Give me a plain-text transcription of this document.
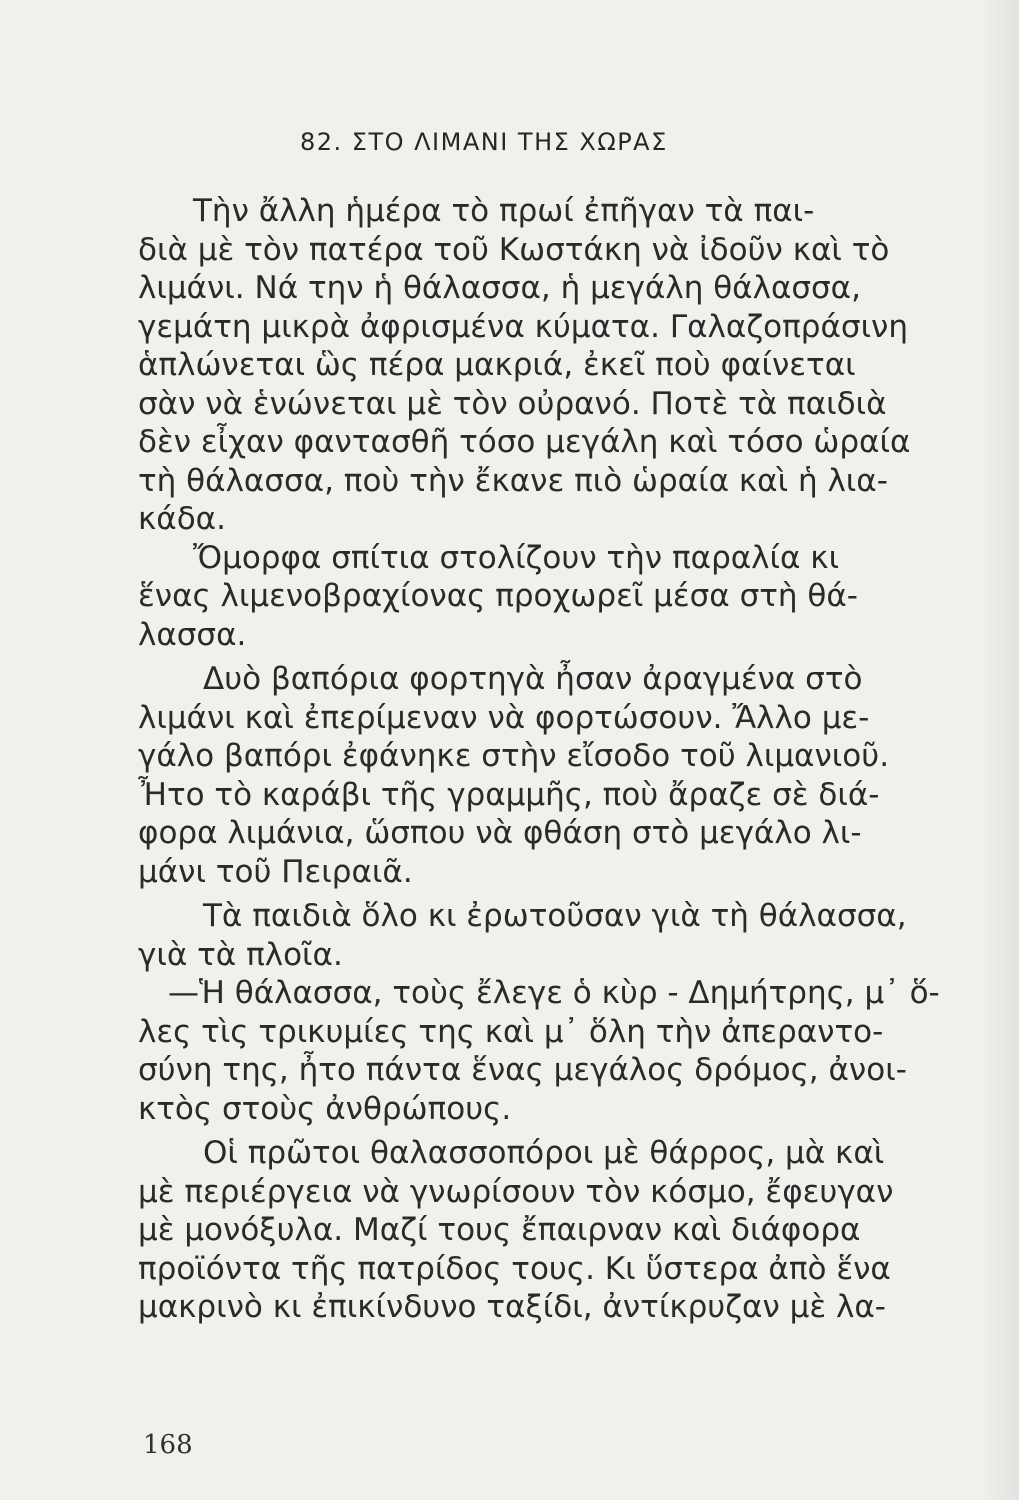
82. ΣΤΟ ΛΙΜΑΝΙ ΤΗΣ ΧΩΡΑΣ
Τὴν ἄλλη ἡμέρα τὸ πρωί ἐπῆγαν τὰ παι-
διὰ μὲ τὸν πατέρα τοῦ Κωστάκη νὰ ἰδοῦν καὶ τὸ
λιμάνι. Νά την ἡ θάλασσα, ἡ μεγάλη θάλασσα,
γεμάτη μικρὰ ἀφρισμένα κύματα. Γαλαζοπράσινη
ἁπλώνεται ὣς πέρα μακριά, ἐκεῖ ποὺ φαίνεται
σὰν νὰ ἑνώνεται μὲ τὸν οὐρανό. Ποτὲ τὰ παιδιὰ
δὲν εἶχαν φαντασθῆ τόσο μεγάλη καὶ τόσο ὡραία
τὴ θάλασσα, ποὺ τὴν ἔκανε πιὸ ὡραία καὶ ἡ λια-
κάδα.
Ὄμορφα σπίτια στολίζουν τὴν παραλία κι
ἕνας λιμενοβραχίονας προχωρεῖ μέσα στὴ θά-
λασσα.
Δυὸ βαπόρια φορτηγὰ ἦσαν ἀραγμένα στὸ
λιμάνι καὶ ἐπερίμεναν νὰ φορτώσουν. Ἄλλο με-
γάλο βαπόρι ἐφάνηκε στὴν εἴσοδο τοῦ λιμανιοῦ.
Ἦτο τὸ καράβι τῆς γραμμῆς, ποὺ ἄραζε σὲ διά-
φορα λιμάνια, ὥσπου νὰ φθάση στὸ μεγάλο λι-
μάνι τοῦ Πειραιᾶ.
Τὰ παιδιὰ ὅλο κι ἐρωτοῦσαν γιὰ τὴ θάλασσα,
γιὰ τὰ πλοῖα.
—Ἡ θάλασσα, τοὺς ἔλεγε ὁ κὺρ - Δημήτρης, μ᾽ ὅ-
λες τὶς τρικυμίες της καὶ μ᾽ ὅλη τὴν ἀπεραντο-
σύνη της, ἦτο πάντα ἕνας μεγάλος δρόμος, ἀνοι-
κτὸς στοὺς ἀνθρώπους.
Οἱ πρῶτοι θαλασσοπόροι μὲ θάρρος, μὰ καὶ
μὲ περιέργεια νὰ γνωρίσουν τὸν κόσμο, ἔφευγαν
μὲ μονόξυλα. Μαζί τους ἔπαιρναν καὶ διάφορα
προϊόντα τῆς πατρίδος τους. Κι ὕστερα ἀπὸ ἕνα
μακρινὸ κι ἐπικίνδυνο ταξίδι, ἀντίκρυζαν μὲ λα-
168
